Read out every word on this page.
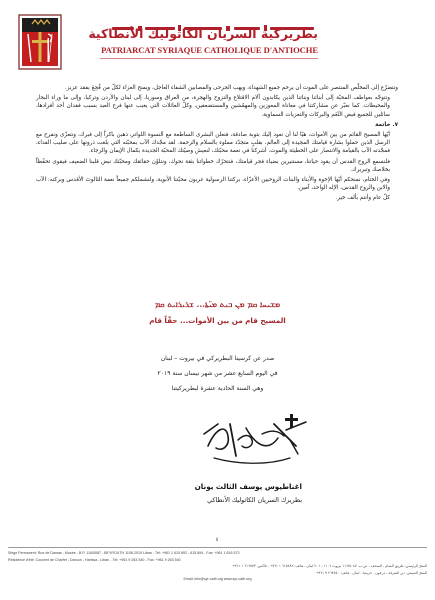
بطريركية السريان الكاثوليك الأنطاكية
PATRIARCAT SYRIAQUE CATHOLIQUE D'ANTIOCHE

ونتضرّع إلى المخلّص المنتصر على الموت أن يرحم جميع الشهداء، ويهب الجرحى والمصابين الشفاء العاجل، ويمنح العزاء لكلّ من فُجِعَ بفقد عزيز.

ونتوجّه بعواطف المحبّة إلى أبنائنا وبناتنا الذين يكابدون آلام الاقتلاع والنزوح والهجرة، من العراق وسوريا، إلى لبنان والأردن وتركيا، وإلى ما وراء البحار والمحيطات. كما نعبّر عن مشاركتنا في معاناة المعوزين والمهمّشين والمستضعفين، وكلّ العائلات التي يغيب عنها فرح العيد بسبب فقدان أحد أفرادها، سائلين للجميع فيض النِّعَم والبركات والتعزيات السماوية.

٧. خاتمة

أيّها المسيح القائم من بين الأموات، هيّا لنا أن نعود إليك بتوبة صادقة، فنعلن البشرى الساطعة مع النسوة اللواتي ذهبن باكراً إلى قبرك، ونتعزّى ونفرح مع الرسل الذين حملوا بشارة قيامتك المجيدة إلى العالم، بقلبٍ متجدّد مملوء بالسلام والرحمة. لقد مجّدك الآب بمحبّته التي بلغت ذروتها على صليب الفداء، فمجّدته الآب بالقيامة والانتصار على الخطيئة والموت. أشركنا في نعمة محبّتك، لنعيش وصيّتك المحبّة الجديدة بكمال الإيمان والرجاء.

فلنسمع الروح القدس أن يقود حياتنا، مستنيرين بضياء فجر قيامتك، فنتحرّك خطواتنا بثقة نحوك، ونتلوّن حقائقك ومحبّتك نبض قلبنا الضعيف فيقوى تحفّظاً بخلاصك وتبريرك.

وفي الختام، نمنحكم أيّها الإخوة والأبناء والبنات الروحيين الأعزّاء، بركتنا الرسولية عربون محبّتنا الأبوية، ولنشملكم جميعاً نعمة الثالوث الأقدس وبركته: الآب والابن والروح القدس، الإله الواحد، آمين.

كلّ عام وأنتم بألف خير.

ܡܫܝܚܐ ܩܡ ܡܢ ܒܝܬ ܡܝ̈ܬܐ... ܫܪܝܪܐܝܬ ܩܡ
المسيح قام من بين الأموات... حقّاً قام
صدر عن كرسينا البطريركي في بيروت – لبنان
في اليوم السابع عشر من شهر نيسان سنة ٢٠١٩
وهي السنة الحادية عشرة لبطريركيتنا
اغناطيوس يوسف الثالث يونان
بطريرك السريان الكاثوليك الأنطاكي
٥
Siège Permanent: Rue de Damas - Musée - B.P. 116/5087 - BEYROUTH 1106-2010 Liban - Tél: +961 1 615 892 - 615 894 - Fax: +961 1 616 573
Résidence d'été: Couvent de Charfet - Daroun - Harissa - Liban - Tél: +961 9 263 540 - Fax: +961 9 263 540
المقرّ الرئيسي: طريق الشام - المتحف - ص.ب. ١١٦/٥٠٨٧ بيروت ١١٠٦-٢٠١٠ لبنان - هاتف: ٦١٥٨٩٢ ١ ٩٦١+ - فاكس: ٦١٦٥٧٣ ١ ٩٦١+
المقرّ الصيفي: دير الشرفة - درعون - حريصا - لبنان - هاتف: ٢٦٣٥٤٠ ٩ ٩٦١+
Email: info@syr-cath.org www.syr-cath.org
